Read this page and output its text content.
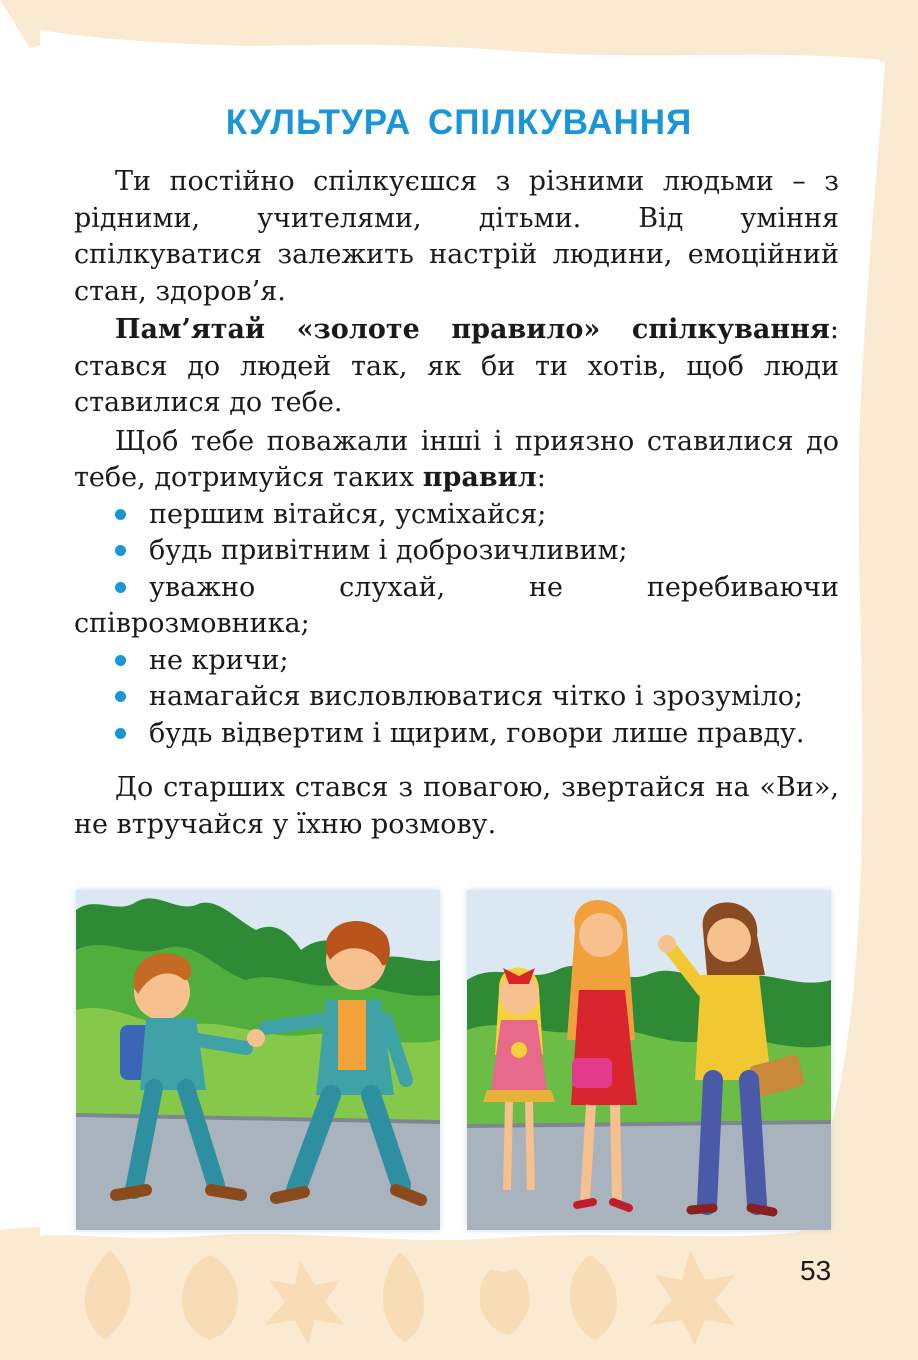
КУЛЬТУРА СПІЛКУВАННЯ

Ти постійно спілкуєшся з різними людьми – з рідними, учителями, дітьми. Від уміння спілкуватися залежить настрій людини, емоційний стан, здоров’я.

Пам’ятай «золоте правило» спілкування: стався до людей так, як би ти хотів, щоб люди ставилися до тебе.

Щоб тебе поважали інші і приязно ставилися до тебе, дотримуйся таких правил:

першим вітайся, усміхайся;
будь привітним і доброзичливим;
уважно слухай, не перебиваючи співрозмовника;
не кричи;
намагайся висловлюватися чітко і зрозуміло;
будь відвертим і щирим, говори лише правду.

До старших стався з повагою, звертайся на «Ви», не втручайся у їхню розмову.

53
